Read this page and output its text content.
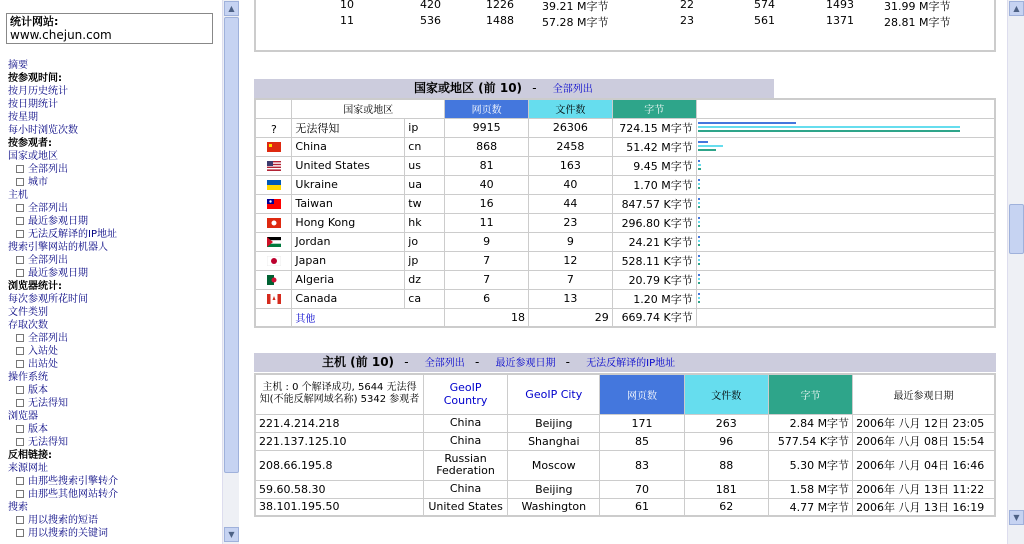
统计网站:
www.chejun.com
摘要
按参观时间:
按月历史统计
按日期统计
按星期
每小时浏览次数
按参观者:
国家或地区
全部列出
城市
主机
全部列出
最近参观日期
无法反解译的IP地址
搜索引擎网站的机器人
全部列出
最近参观日期
浏览器统计:
每次参观所花时间
文件类别
存取次数
全部列出
入站处
出站处
操作系统
版本
无法得知
浏览器
版本
无法得知
反相链接:
来源网址
由那些搜索引擎转介
由那些其他网站转介
搜索
用以搜索的短语
用以搜索的关键词
▲
▼
10	420	1226	39.21 M字节	22	574	1493	31.99 M字节
11	536	1488	57.28 M字节	23	561	1371	28.81 M字节
国家或地区 (前 10) - 全部列出
	国家或地区		网页数	文件数	字节	

?	无法得知	ip	9915	26306	724.15 M字节	

	China	cn	868	2458	51.42 M字节	

	United States	us	81	163	9.45 M字节	

	Ukraine	ua	40	40	1.70 M字节	

	Taiwan	tw	16	44	847.57 K字节	

	Hong Kong	hk	11	23	296.80 K字节	

	Jordan	jo	9	9	24.21 K字节	

	Japan	jp	7	12	528.11 K字节	

	Algeria	dz	7	7	20.79 K字节	

	Canada	ca	6	13	1.20 M字节	

	其他		18	29	669.74 K字节	
主机 (前 10) - 全部列出 - 最近参观日期 - 无法反解译的IP地址
主机 : 0 个解译成功, 5644 无法得知(不能反解网域名称) 5342 参观者	GeoIP Country	GeoIP City	网页数	文件数	字节	最近参观日期
221.4.214.218	China	Beijing	171	263	2.84 M字节	2006年 八月 12日 23:05
221.137.125.10	China	Shanghai	85	96	577.54 K字节	2006年 八月 08日 15:54
208.66.195.8	Russian Federation	Moscow	83	88	5.30 M字节	2006年 八月 04日 16:46
59.60.58.30	China	Beijing	70	181	1.58 M字节	2006年 八月 13日 11:22
38.101.195.50	United States	Washington	61	62	4.77 M字节	2006年 八月 13日 16:19
▲
▼
